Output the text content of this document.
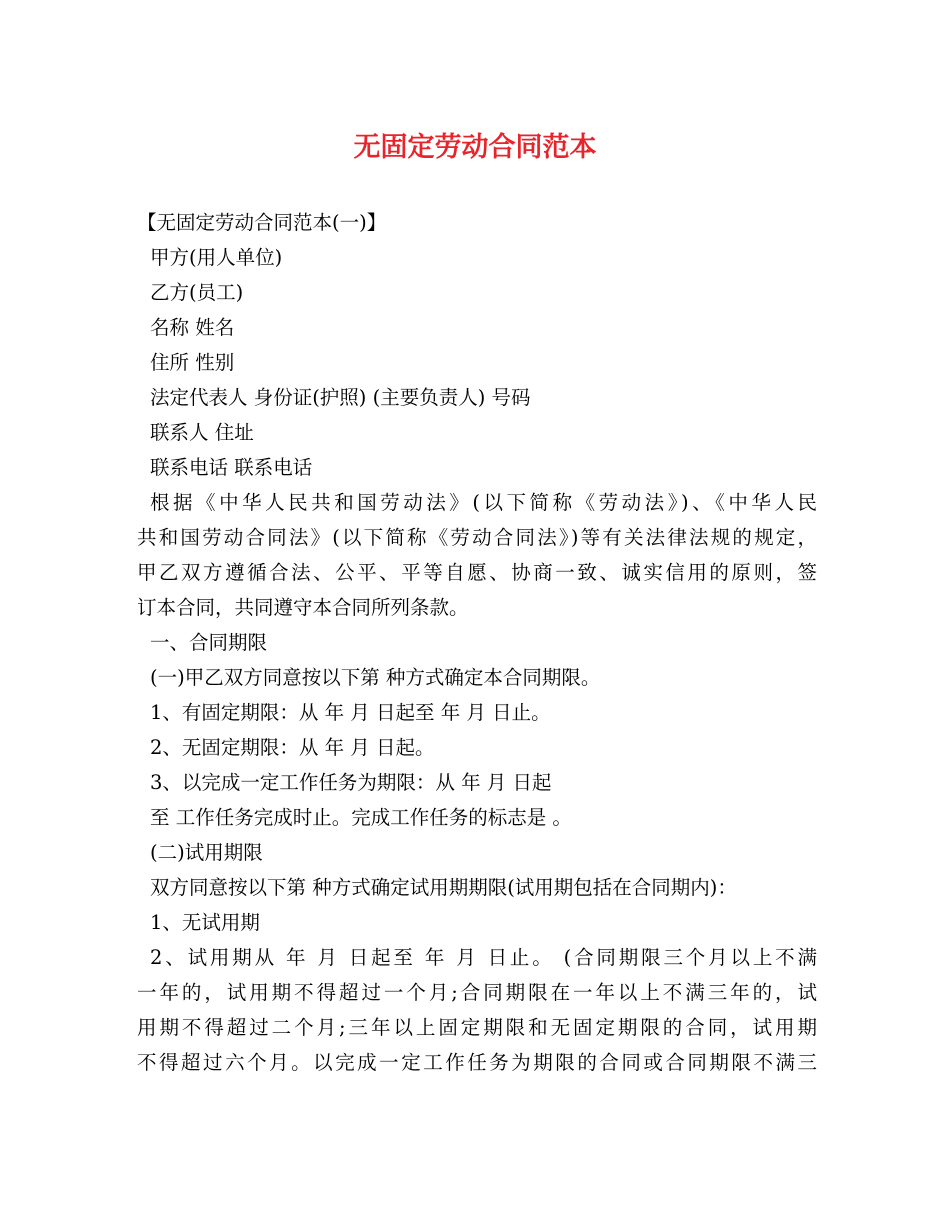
无固定劳动合同范本
【无固定劳动合同范本(一)】
甲方(用人单位)
乙方(员工)
名称 姓名
住所 性别
法定代表人 身份证(护照) (主要负责人) 号码
联系人 住址
联系电话 联系电话
根据《中华人民共和国劳动法》(以下简称《劳动法》)、《中华人民
共和国劳动合同法》(以下简称《劳动合同法》)等有关法律法规的规定，
甲乙双方遵循合法、公平、平等自愿、协商一致、诚实信用的原则，签
订本合同，共同遵守本合同所列条款。
一、合同期限
(一)甲乙双方同意按以下第 种方式确定本合同期限。
1、有固定期限：从 年 月 日起至 年 月 日止。
2、无固定期限：从 年 月 日起。
3、以完成一定工作任务为期限：从 年 月 日起
至 工作任务完成时止。完成工作任务的标志是 。
(二)试用期限
双方同意按以下第 种方式确定试用期期限(试用期包括在合同期内)：
1、无试用期
2、试用期从 年 月 日起至 年 月 日止。 (合同期限三个月以上不满
一年的，试用期不得超过一个月;合同期限在一年以上不满三年的，试
用期不得超过二个月;三年以上固定期限和无固定期限的合同，试用期
不得超过六个月。以完成一定工作任务为期限的合同或合同期限不满三
